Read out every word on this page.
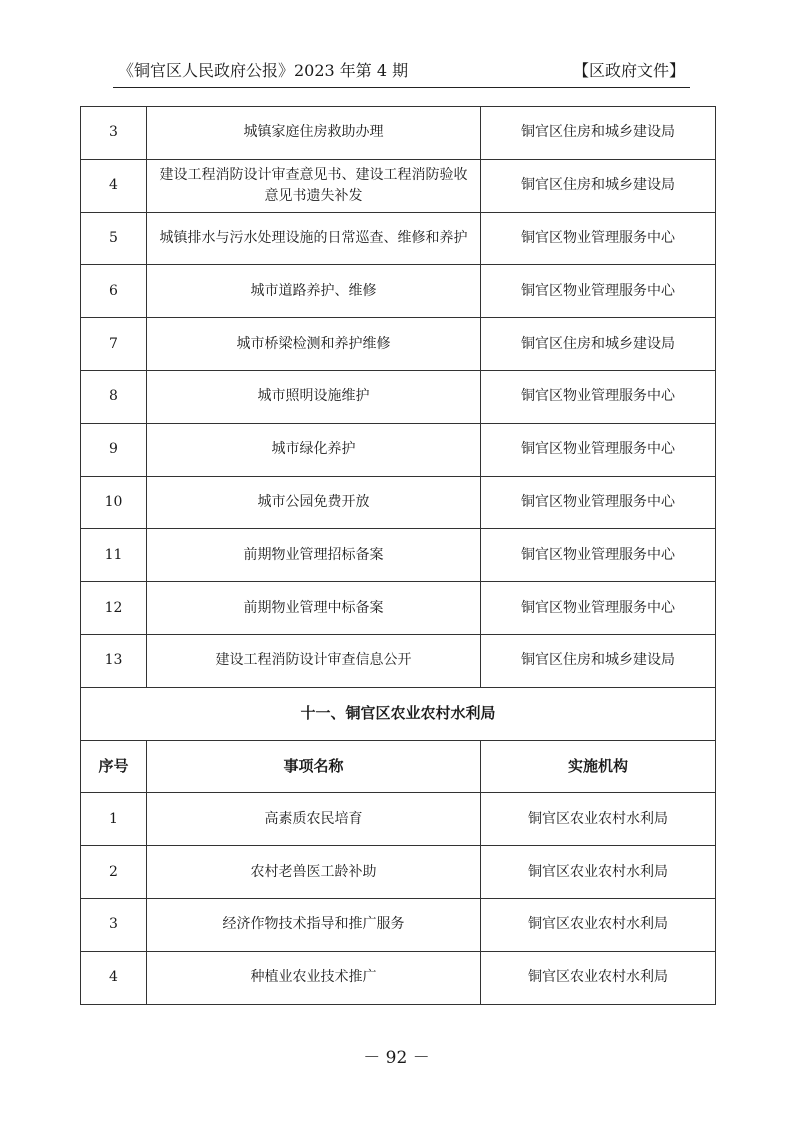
《铜官区人民政府公报》2023 年第 4 期	【区政府文件】
3	城镇家庭住房救助办理	铜官区住房和城乡建设局
4	建设工程消防设计审查意见书、建设工程消防验收意见书遗失补发	铜官区住房和城乡建设局
5	城镇排水与污水处理设施的日常巡查、维修和养护	铜官区物业管理服务中心
6	城市道路养护、维修	铜官区物业管理服务中心
7	城市桥梁检测和养护维修	铜官区住房和城乡建设局
8	城市照明设施维护	铜官区物业管理服务中心
9	城市绿化养护	铜官区物业管理服务中心
10	城市公园免费开放	铜官区物业管理服务中心
11	前期物业管理招标备案	铜官区物业管理服务中心
12	前期物业管理中标备案	铜官区物业管理服务中心
13	建设工程消防设计审查信息公开	铜官区住房和城乡建设局
十一、铜官区农业农村水利局		
序号	事项名称	实施机构
1	高素质农民培育	铜官区农业农村水利局
2	农村老兽医工龄补助	铜官区农业农村水利局
3	经济作物技术指导和推广服务	铜官区农业农村水利局
4	种植业农业技术推广	铜官区农业农村水利局
－ 92 －
